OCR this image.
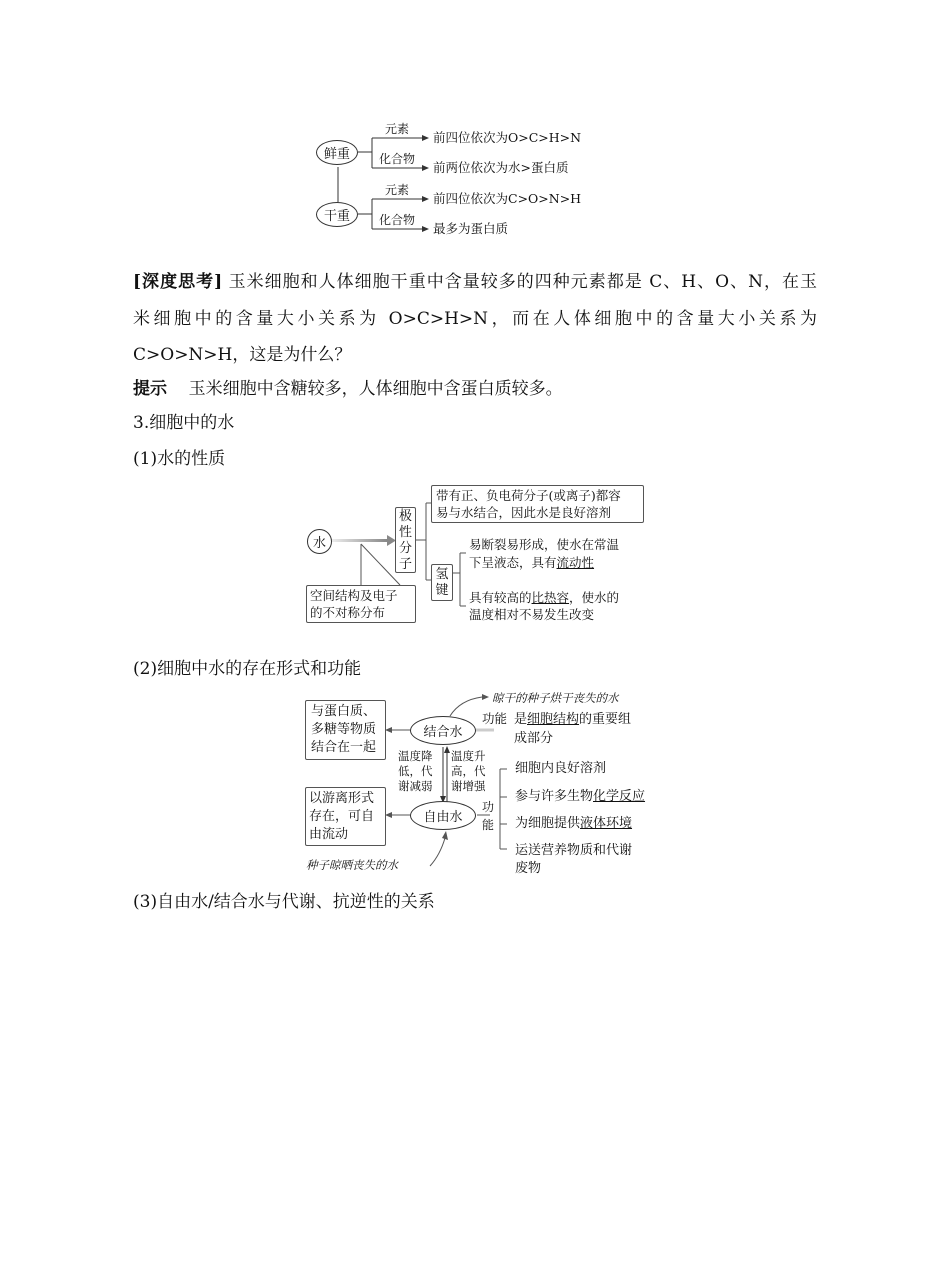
鲜重
干重
元素
化合物
元素
化合物
前四位依次为O>C>H>N
前两位依次为水>蛋白质
前四位依次为C>O>N>H
最多为蛋白质
[深度思考] 玉米细胞和人体细胞干重中含量较多的四种元素都是 C、H、O、N，在玉
米细胞中的含量大小关系为 O>C>H>N，而在人体细胞中的含量大小关系为
C>O>N>H，这是为什么？
提示 玉米细胞中含糖较多，人体细胞中含蛋白质较多。
3.细胞中的水
(1)水的性质
水
极性分子
氢键
带有正、负电荷分子(或离子)都容
易与水结合，因此水是良好溶剂
易断裂易形成，使水在常温
下呈液态，具有流动性
具有较高的比热容，使水的
温度相对不易发生改变
空间结构及电子
的不对称分布
(2)细胞中水的存在形式和功能
与蛋白质、
多糖等物质
结合在一起
以游离形式
存在，可自
由流动
结合水
自由水
晾干的种子烘干丧失的水
种子晾晒丧失的水
功能 是细胞结构的重要组
成部分
温度降
低，代
谢减弱
温度升
高，代
谢增强
功能
细胞内良好溶剂
参与许多生物化学反应
为细胞提供液体环境
运送营养物质和代谢
废物
(3)自由水/结合水与代谢、抗逆性的关系
